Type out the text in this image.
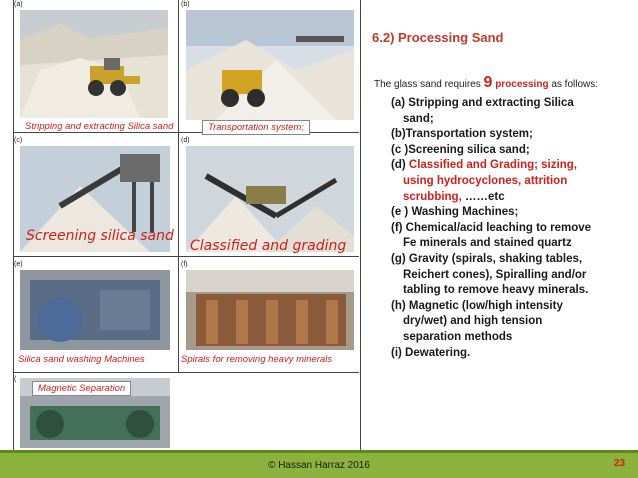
(a)
Stripping and extracting Silica sand
(b)
Transportation system;
(c)
Screening silica sand
(d)
Classified and grading
(e)
Silica sand washing Machines
(f)
Spirals for removing heavy minerals
(
Magnetic Separation
6.2) Processing Sand
The glass sand requires 9 processing as follows:
(a) Stripping and extracting Silica
sand;
(b)Transportation system;
(c )Screening silica sand;
(d) Classified and Grading; sizing,
using hydrocyclones, attrition
scrubbing, ……etc
(e ) Washing Machines;
(f) Chemical/acid leaching to remove
Fe minerals and stained quartz
(g) Gravity (spirals, shaking tables,
Reichert cones), Spiralling and/or
tabling to remove heavy minerals.
(h) Magnetic (low/high intensity
dry/wet) and high tension
separation methods
(i) Dewatering.
© Hassan Harraz 2016	23
